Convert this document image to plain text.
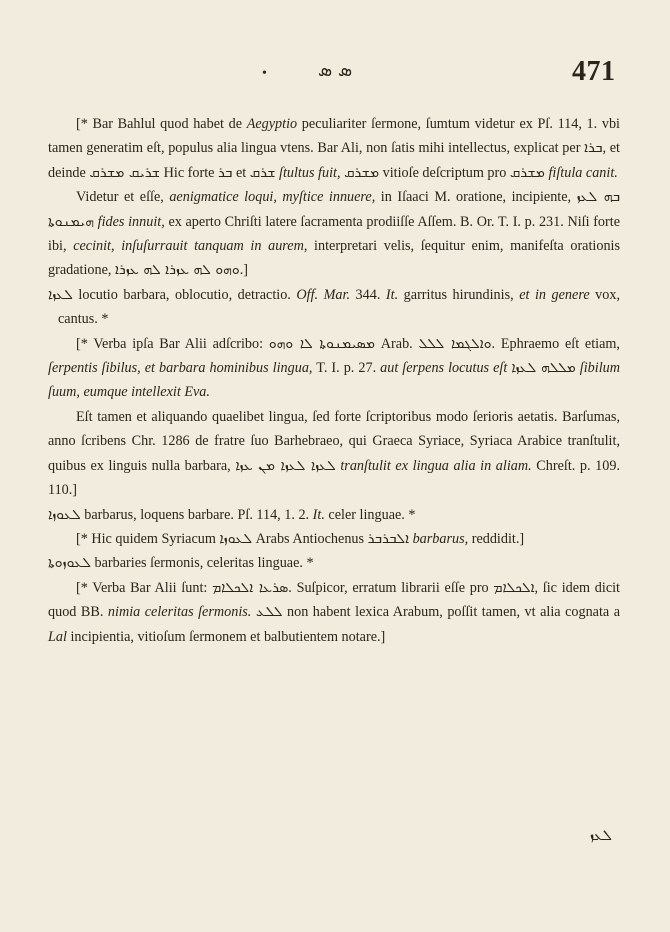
•	ܣ ܣ	471

[* Bar Bahlul quod habet de Aegyptio peculiariter ſermone, ſumtum videtur ex Pſ. 114, 1. vbi tamen generatim eſt, populus alia lingua vtens. Bar Ali, non ſatis mihi intellectus, explicat per ܒܪܐ, et deinde ܫܪܝܩ ܡܫܪܩ Hic forte ܒܪ et ܫܪܩ ſtultus fuit, ܡܫܪܩ vitioſe deſcriptum pro ܡܫܪܩ fiſtula canit.

Videtur et eſſe, aenigmatice loqui, myſtice innuere, in Iſaaci M. oratione, incipiente, ܒܗ ܠܥܙ ܗܝܡܢܘܬܐ fides innuit, ex aperto Chriſti latere ſacramenta prodiiſſe Aſſem. B. Or. T. I. p. 231. Niſi forte ibi, cecinit, inſuſurrauit tanquam in aurem, interpretari velis, ſequitur enim, manifeſta orationis gradatione, ܘܗܘ ܠܗ ܥܙܪܐ ܠܗ ܥܙܪܐ.]

ܠܥܙܐ locutio barbara, oblocutio, detractio. Off. Mar. 344. It. garritus hirundinis, et in genere vox, cantus. *

[* Verba ipſa Bar Alii adſcribo: ܡܣܝܡܢܘܬܐ ܠܐ ܘܗܘ Arab. ܘܐܠܓܡܐ ܠܠܠ. Ephraemo eſt etiam, ſerpentis ſibilus, et barbara hominibus lingua, T. I. p. 27. aut ſerpens locutus eſt ܡܠܠܗ ܠܥܙܐ ſibilum ſuum, eumque intellexit Eva.

Eſt tamen et aliquando quaelibet lingua, ſed forte ſcriptoribus modo ſerioris aetatis. Barſumas, anno ſcribens Chr. 1286 de fratre ſuo Barhebraeo, qui Graeca Syriace, Syriaca Arabice tranſtulit, quibus ex linguis nulla barbara, ܠܥܙܐ ܠܥܙܐ ܡܢ ܥܙܐ tranſtulit ex lingua alia in aliam. Chreſt. p. 109. 110.]

ܠܥܘܙܐ barbarus, loquens barbare. Pſ. 114, 1. 2. It. celer linguae. *

[* Hic quidem Syriacum ܠܥܘܙܐ Arabs Antiochenus ܐܠܒܪܒܪ barbarus, reddidit.]

ܠܥܘܙܘܬܐ barbaries ſermonis, celeritas linguae. *

[* Verba Bar Alii ſunt: ܣܪܥܐ ܐܠܟܠܐܡ. Suſpicor, erratum librarii eſſe pro ܐܠܟܠܐܡ, ſic idem dicit quod BB. nimia celeritas ſermonis. ܠܠܥ non habent lexica Arabum, poſſit tamen, vt alia cognata a Lal incipientia, vitioſum ſermonem et balbutientem notare.]

ܠܥܙ
